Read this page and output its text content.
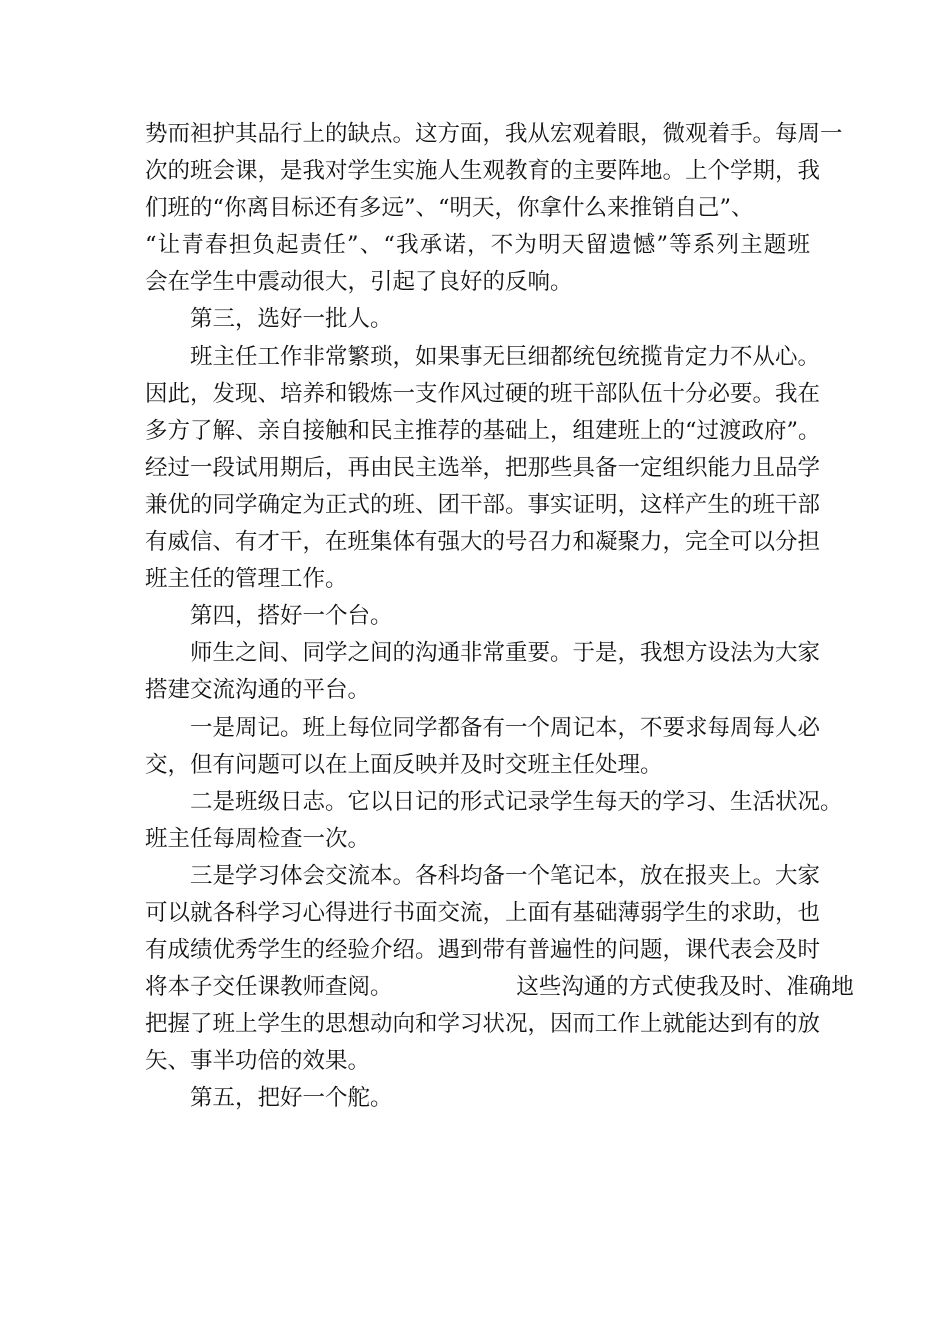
势而袒护其品行上的缺点。这方面，我从宏观着眼，微观着手。每周一
次的班会课，是我对学生实施人生观教育的主要阵地。上个学期，我
们班的“你离目标还有多远”、“明天，你拿什么来推销自己”、
“让青春担负起责任”、“我承诺，不为明天留遗憾”等系列主题班
会在学生中震动很大，引起了良好的反响。
第三，选好一批人。
班主任工作非常繁琐，如果事无巨细都统包统揽肯定力不从心。
因此，发现、培养和锻炼一支作风过硬的班干部队伍十分必要。我在
多方了解、亲自接触和民主推荐的基础上，组建班上的“过渡政府”。
经过一段试用期后，再由民主选举，把那些具备一定组织能力且品学
兼优的同学确定为正式的班、团干部。事实证明，这样产生的班干部
有威信、有才干，在班集体有强大的号召力和凝聚力，完全可以分担
班主任的管理工作。
第四，搭好一个台。
师生之间、同学之间的沟通非常重要。于是，我想方设法为大家
搭建交流沟通的平台。
一是周记。班上每位同学都备有一个周记本，不要求每周每人必
交，但有问题可以在上面反映并及时交班主任处理。
二是班级日志。它以日记的形式记录学生每天的学习、生活状况。
班主任每周检查一次。
三是学习体会交流本。各科均备一个笔记本，放在报夹上。大家
可以就各科学习心得进行书面交流，上面有基础薄弱学生的求助，也
有成绩优秀学生的经验介绍。遇到带有普遍性的问题，课代表会及时
将本子交任课教师查阅。　　　　　　这些沟通的方式使我及时、准确地
把握了班上学生的思想动向和学习状况，因而工作上就能达到有的放
矢、事半功倍的效果。
第五，把好一个舵。
